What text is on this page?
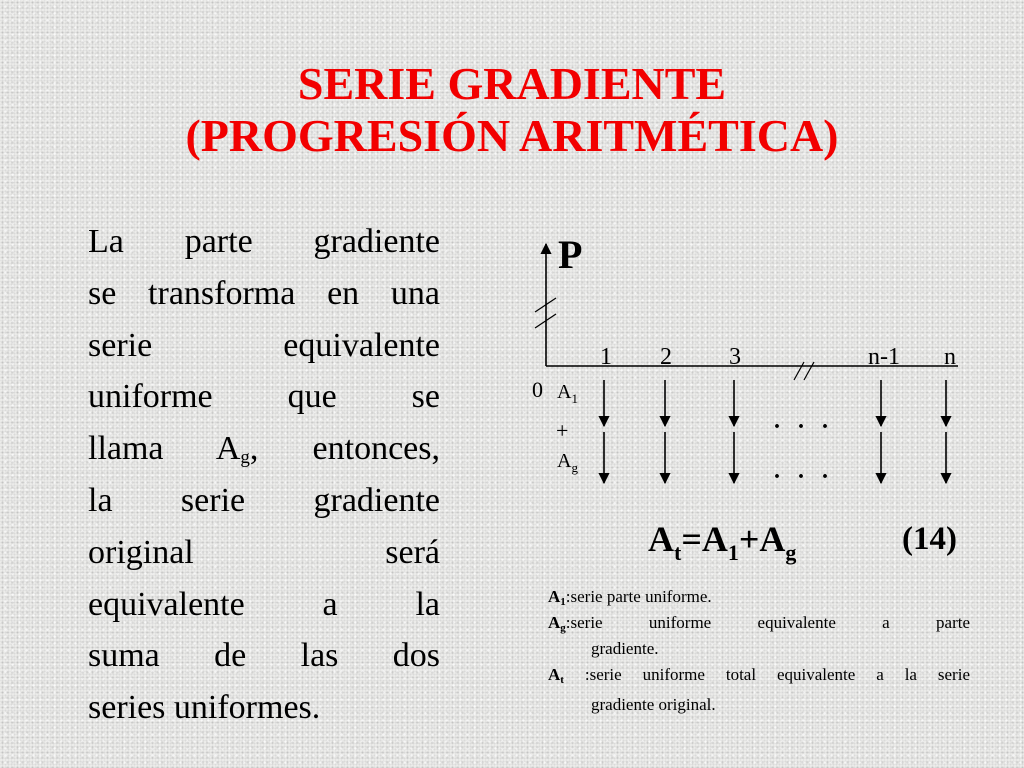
SERIE GRADIENTE
(PROGRESIÓN ARITMÉTICA)
La parte gradiente
se transforma en una
serie equivalente
uniforme que se
llama $A_g$, entonces,
la serie gradiente
original será
equivalente a la
suma de las dos
series uniformes.
P
0
1 2 3	n-1 n
$A_1$
+
$A_g$
. . .
. . .
$A_t=A_1+A_g$	(14)
$A_1:serie$ parte uniforme.
$A_g:serie$ uniforme equivalente a parte
gradiente.
$A_t$ :serie uniforme total equivalente a la serie
gradiente original.
